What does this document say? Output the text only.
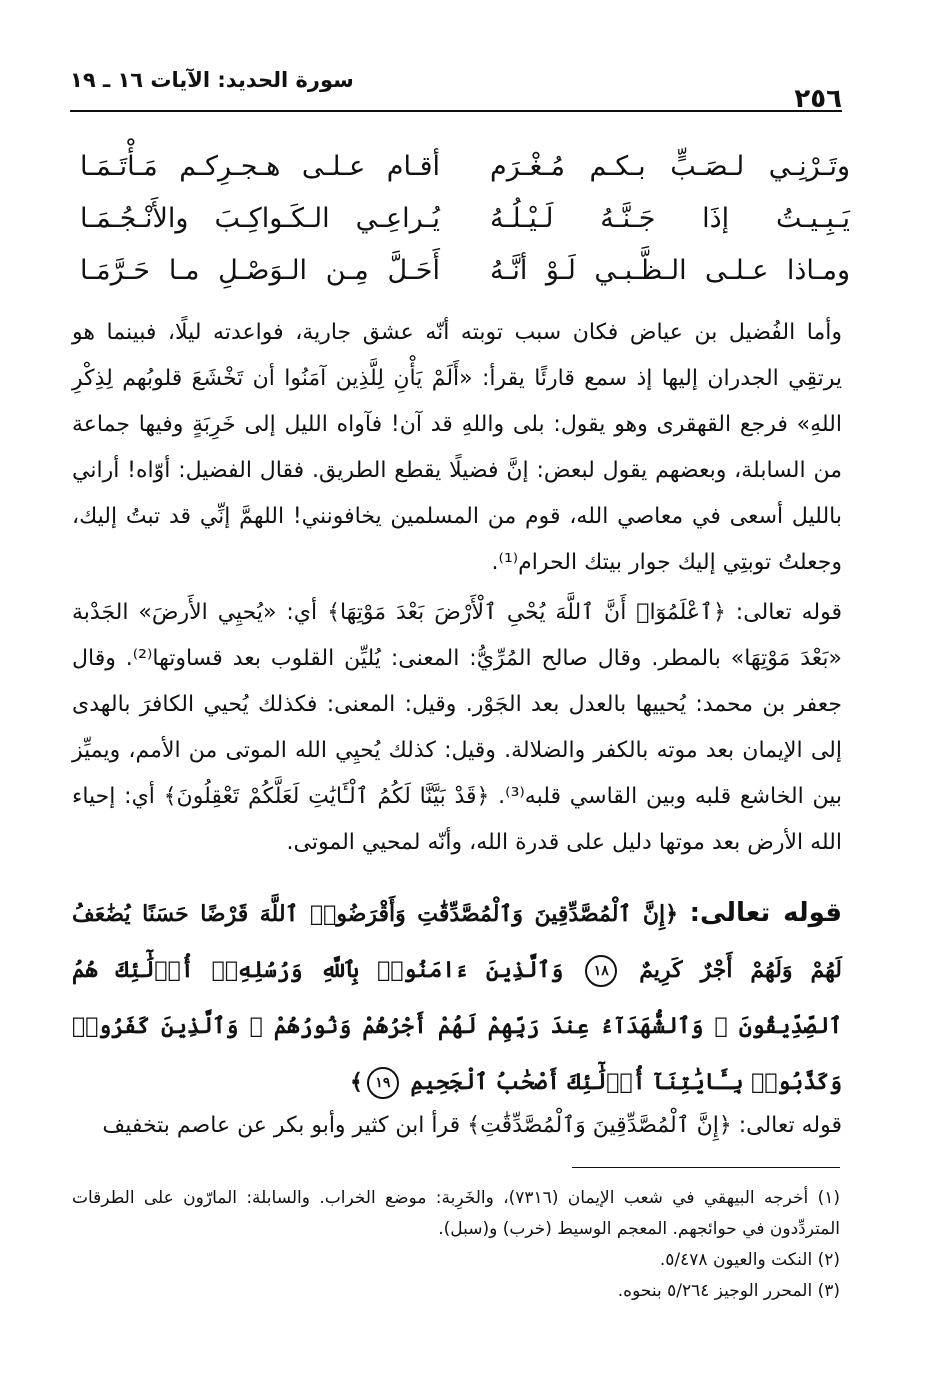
سورة الحديد: الآيات ١٦ ـ ١٩
٢٥٦
وتَـرْنِـي لـصَـبٍّ بـكـم مُـغْـرَم
أقـام عـلـى هـجـرِكـم مَـأْتَـمَـا
يَـبِـيـتُ إذَا جَـنَّـهُ لَـيْـلُـهُ
يُـراعِـي الـكَـواكِـبَ والأَنْـجُـمَـا
ومـاذا عـلـى الـظَّـبـي لَـوْ أنَّـهُ
أَحَـلَّ مِـن الـوَصْـلِ مـا حَـرَّمَـا

وأما الفُضيل بن عياض فكان سبب توبته أنّه عشق جارية، فواعدته ليلًا، فبينما هو يرتقِي الجدران إليها إذ سمع قارئًا يقرأ: «أَلَمْ يَأْنِ لِلَّذِين آمَنُوا أن تَخْشَعَ قلوبُهم لِذِكْرِ اللهِ» فرجع القهقرى وهو يقول: بلى واللهِ قد آن! فآواه الليل إلى خَرِبَةٍ وفيها جماعة من السابلة، وبعضهم يقول لبعض: إنَّ فضيلًا يقطع الطريق. فقال الفضيل: أوّاه! أراني بالليل أسعى في معاصي الله، قوم من المسلمين يخافونني! اللهمَّ إنِّي قد تبتُ إليك، وجعلتُ توبتِي إليك جوار بيتك الحرام⁽¹⁾.

قوله تعالى: ﴿ٱعْلَمُوٓا۟ أَنَّ ٱللَّهَ يُحْىِ ٱلْأَرْضَ بَعْدَ مَوْتِهَا﴾ أي: «يُحيِي الأَرضَ» الجَدْبة «بَعْدَ مَوْتِهَا» بالمطر. وقال صالح المُرِّيُّ: المعنى: يُليِّن القلوب بعد قساوتها⁽²⁾. وقال جعفر بن محمد: يُحييها بالعدل بعد الجَوْر. وقيل: المعنى: فكذلك يُحيي الكافرَ بالهدى إلى الإيمان بعد موته بالكفر والضلالة. وقيل: كذلك يُحيِي الله الموتى من الأمم، ويميِّز بين الخاشع قلبه وبين القاسي قلبه⁽³⁾. ﴿قَدْ بَيَّنَّا لَكُمُ ٱلْـَٔايَٰتِ لَعَلَّكُمْ تَعْقِلُونَ﴾ أي: إحياء الله الأرض بعد موتها دليل على قدرة الله، وأنّه لمحيي الموتى.

قوله تعالى: ﴿إِنَّ ٱلْمُصَّدِّقِينَ وَٱلْمُصَّدِّقَٰتِ وَأَقْرَضُوا۟ ٱللَّهَ قَرْضًا حَسَنًا يُضَٰعَفُ لَهُمْ وَلَهُمْ أَجْرٌ كَرِيمٌ ١٨ وَٱلَّذِينَ ءَامَنُوا۟ بِٱللَّهِ وَرُسُلِهِۦٓ أُو۟لَٰٓئِكَ هُمُ ٱلصِّدِّيقُونَ ۖ وَٱلشُّهَدَآءُ عِندَ رَبِّهِمْ لَهُمْ أَجْرُهُمْ وَنُورُهُمْ ۖ وَٱلَّذِينَ كَفَرُوا۟ وَكَذَّبُوا۟ بِـَٔايَٰتِنَآ أُو۟لَٰٓئِكَ أَصْحَٰبُ ٱلْجَحِيمِ ١٩﴾

قوله تعالى: ﴿إِنَّ ٱلْمُصَّدِّقِينَ وَٱلْمُصَّدِّقَٰتِ﴾ قرأ ابن كثير وأبو بكر عن عاصم بتخفيف

(١) أخرجه البيهقي في شعب الإيمان (٧٣١٦)، والخَرِبة: موضع الخراب. والسابلة: المارّون على الطرقات المتردِّدون في حوائجهم. المعجم الوسيط (خرب) و(سبل).

(٢) النكت والعيون ٥/٤٧٨.

(٣) المحرر الوجيز ٥/٢٦٤ بنحوه.
